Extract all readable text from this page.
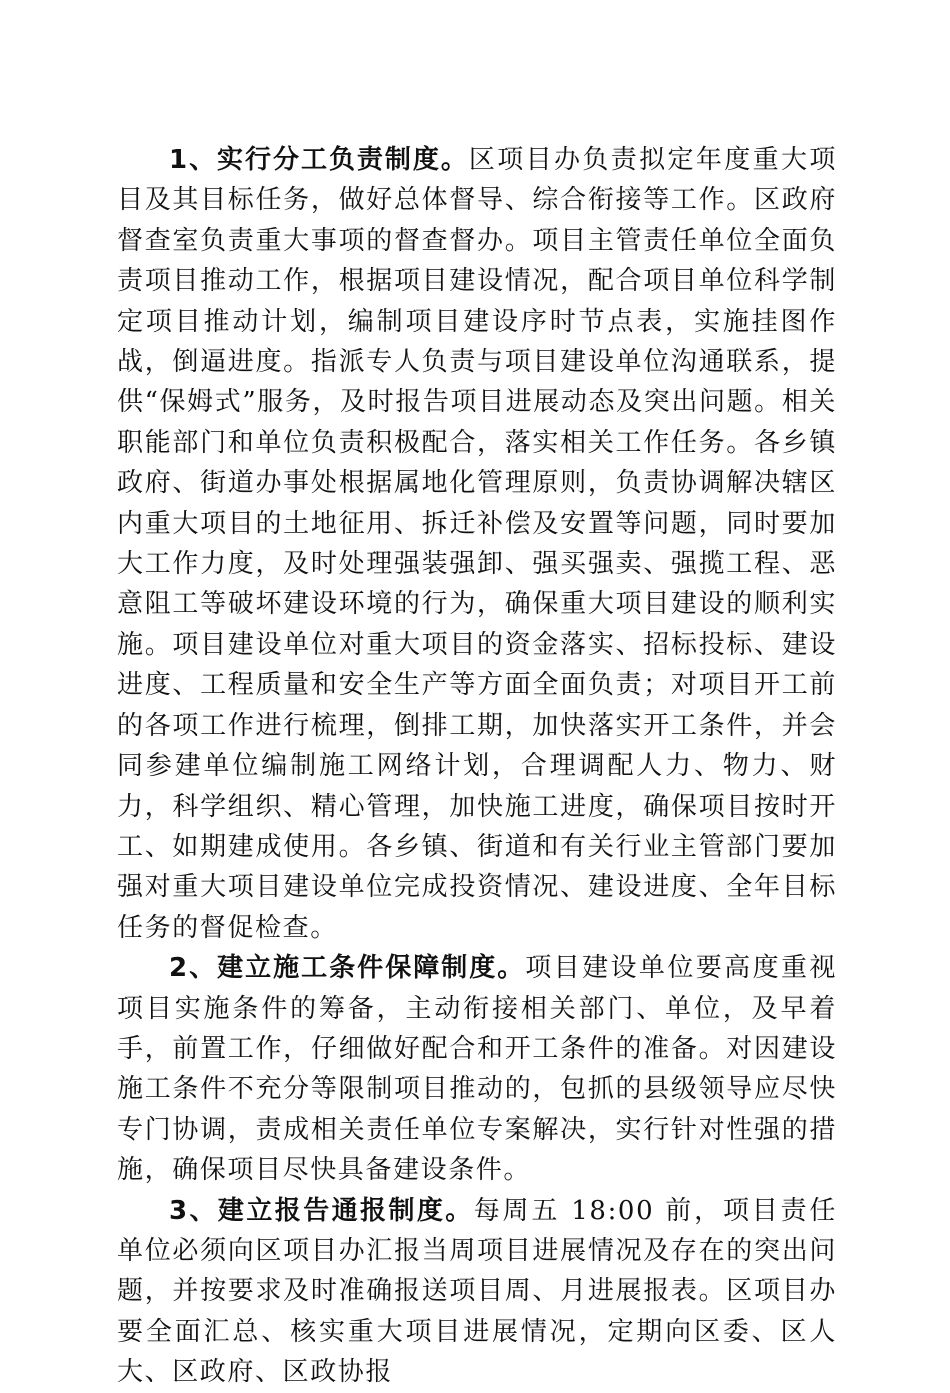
1、实行分工负责制度。区项目办负责拟定年度重大项目及其目标任务，做好总体督导、综合衔接等工作。区政府督查室负责重大事项的督查督办。项目主管责任单位全面负责项目推动工作，根据项目建设情况，配合项目单位科学制定项目推动计划，编制项目建设序时节点表，实施挂图作战，倒逼进度。指派专人负责与项目建设单位沟通联系，提供“保姆式”服务，及时报告项目进展动态及突出问题。相关职能部门和单位负责积极配合，落实相关工作任务。各乡镇政府、街道办事处根据属地化管理原则，负责协调解决辖区内重大项目的土地征用、拆迁补偿及安置等问题，同时要加大工作力度，及时处理强装强卸、强买强卖、强揽工程、恶意阻工等破坏建设环境的行为，确保重大项目建设的顺利实施。项目建设单位对重大项目的资金落实、招标投标、建设进度、工程质量和安全生产等方面全面负责；对项目开工前的各项工作进行梳理，倒排工期，加快落实开工条件，并会同参建单位编制施工网络计划，合理调配人力、物力、财力，科学组织、精心管理，加快施工进度，确保项目按时开工、如期建成使用。各乡镇、街道和有关行业主管部门要加强对重大项目建设单位完成投资情况、建设进度、全年目标任务的督促检查。

2、建立施工条件保障制度。项目建设单位要高度重视项目实施条件的筹备，主动衔接相关部门、单位，及早着手，前置工作，仔细做好配合和开工条件的准备。对因建设施工条件不充分等限制项目推动的，包抓的县级领导应尽快专门协调，责成相关责任单位专案解决，实行针对性强的措施，确保项目尽快具备建设条件。

3、建立报告通报制度。每周五 18:00 前，项目责任单位必须向区项目办汇报当周项目进展情况及存在的突出问题，并按要求及时准确报送项目周、月进展报表。区项目办要全面汇总、核实重大项目进展情况，定期向区委、区人大、区政府、区政协报
